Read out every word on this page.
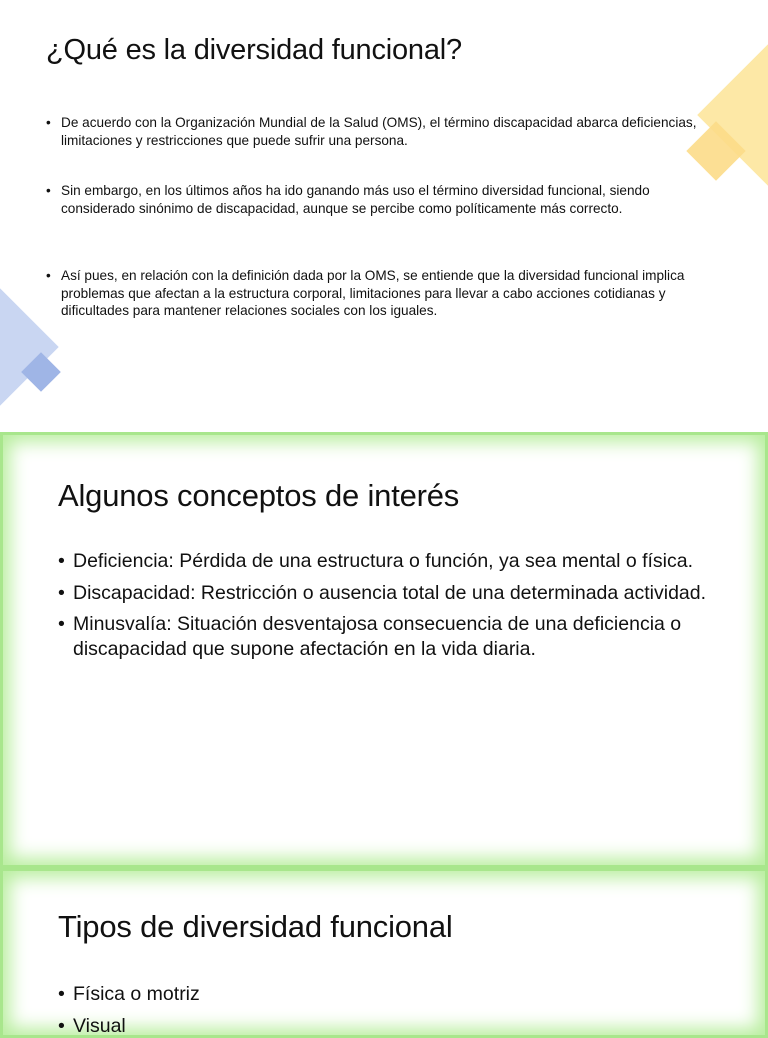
¿Qué es la diversidad funcional?
• De acuerdo con la Organización Mundial de la Salud (OMS), el término discapacidad abarca deficiencias, limitaciones y restricciones que puede sufrir una persona.
• Sin embargo, en los últimos años ha ido ganando más uso el término diversidad funcional, siendo considerado sinónimo de discapacidad, aunque se percibe como políticamente más correcto.
• Así pues, en relación con la definición dada por la OMS, se entiende que la diversidad funcional implica problemas que afectan a la estructura corporal, limitaciones para llevar a cabo acciones cotidianas y dificultades para mantener relaciones sociales con los iguales.
Algunos conceptos de interés
• Deficiencia: Pérdida de una estructura o función, ya sea mental o física.
• Discapacidad: Restricción o ausencia total de una determinada actividad.
• Minusvalía: Situación desventajosa consecuencia de una deficiencia o discapacidad que supone afectación en la vida diaria.
Tipos de diversidad funcional
• Física o motriz
• Visual
